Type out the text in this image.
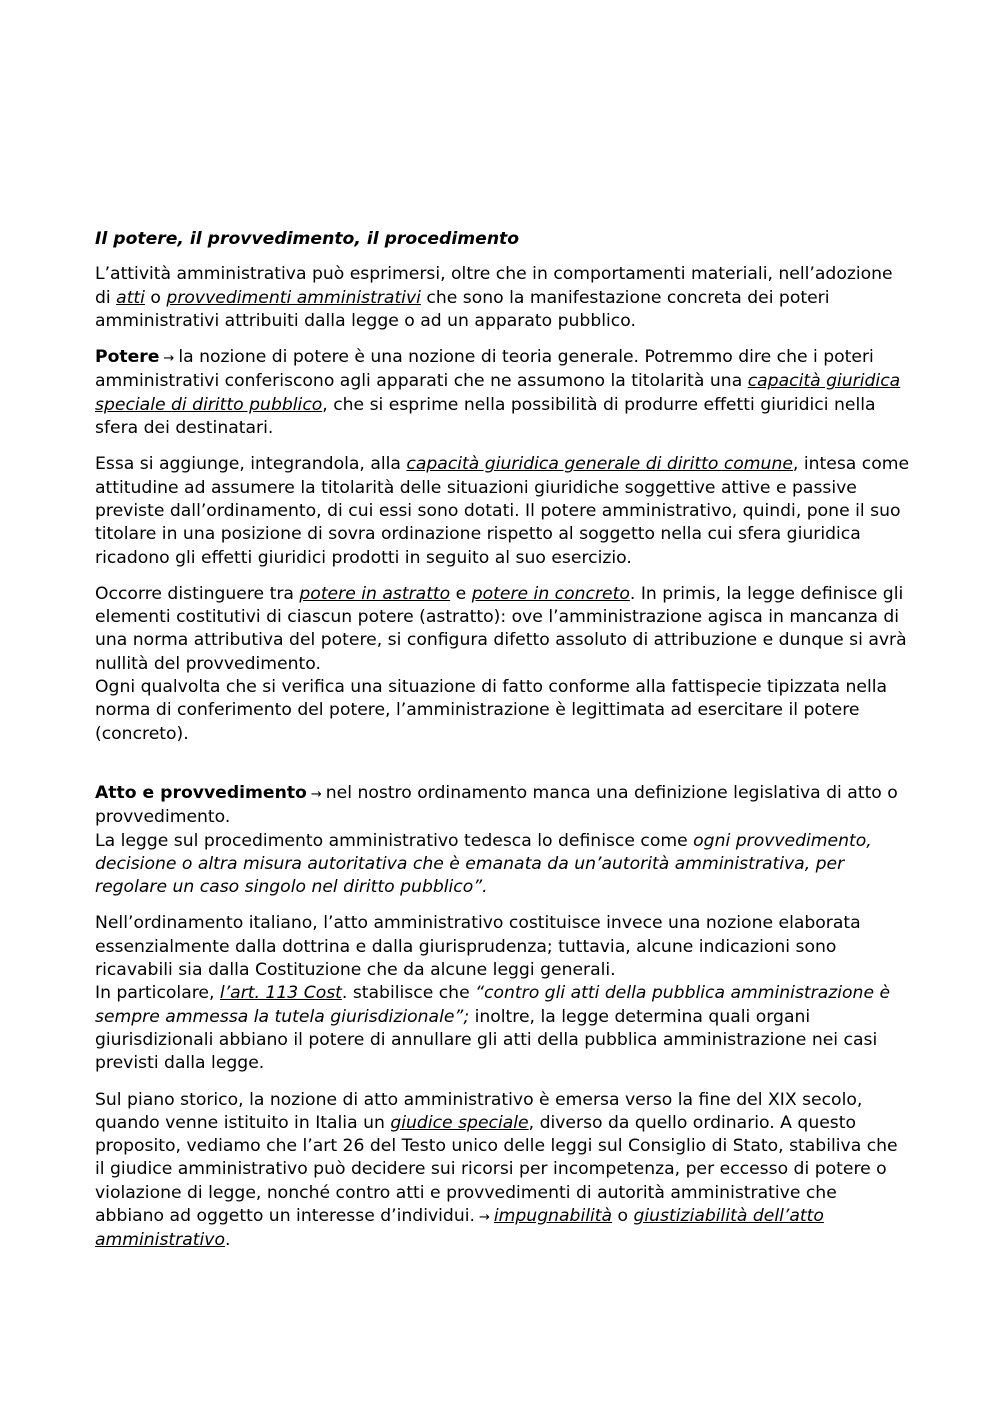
Il potere, il provvedimento, il procedimento

L’attività amministrativa può esprimersi, oltre che in comportamenti materiali, nell’adozione di atti o provvedimenti amministrativi che sono la manifestazione concreta dei poteri amministrativi attribuiti dalla legge o ad un apparato pubblico.

Potere → la nozione di potere è una nozione di teoria generale. Potremmo dire che i poteri amministrativi conferiscono agli apparati che ne assumono la titolarità una capacità giuridica speciale di diritto pubblico, che si esprime nella possibilità di produrre effetti giuridici nella sfera dei destinatari.

Essa si aggiunge, integrandola, alla capacità giuridica generale di diritto comune, intesa come attitudine ad assumere la titolarità delle situazioni giuridiche soggettive attive e passive previste dall’ordinamento, di cui essi sono dotati. Il potere amministrativo, quindi, pone il suo titolare in una posizione di sovra ordinazione rispetto al soggetto nella cui sfera giuridica ricadono gli effetti giuridici prodotti in seguito al suo esercizio.

Occorre distinguere tra potere in astratto e potere in concreto. In primis, la legge definisce gli elementi costitutivi di ciascun potere (astratto): ove l’amministrazione agisca in mancanza di una norma attributiva del potere, si configura difetto assoluto di attribuzione e dunque si avrà nullità del provvedimento.

Ogni qualvolta che si verifica una situazione di fatto conforme alla fattispecie tipizzata nella norma di conferimento del potere, l’amministrazione è legittimata ad esercitare il potere (concreto).

Atto e provvedimento → nel nostro ordinamento manca una definizione legislativa di atto o provvedimento.

La legge sul procedimento amministrativo tedesca lo definisce come ogni provvedimento, decisione o altra misura autoritativa che è emanata da un’autorità amministrativa, per regolare un caso singolo nel diritto pubblico”.

Nell’ordinamento italiano, l’atto amministrativo costituisce invece una nozione elaborata essenzialmente dalla dottrina e dalla giurisprudenza; tuttavia, alcune indicazioni sono ricavabili sia dalla Costituzione che da alcune leggi generali.

In particolare, l’art. 113 Cost. stabilisce che “contro gli atti della pubblica amministrazione è sempre ammessa la tutela giurisdizionale”; inoltre, la legge determina quali organi giurisdizionali abbiano il potere di annullare gli atti della pubblica amministrazione nei casi previsti dalla legge.

Sul piano storico, la nozione di atto amministrativo è emersa verso la fine del XIX secolo, quando venne istituito in Italia un giudice speciale, diverso da quello ordinario. A questo proposito, vediamo che l’art 26 del Testo unico delle leggi sul Consiglio di Stato, stabiliva che il giudice amministrativo può decidere sui ricorsi per incompetenza, per eccesso di potere o violazione di legge, nonché contro atti e provvedimenti di autorità amministrative che abbiano ad oggetto un interesse d’individui. → impugnabilità o giustiziabilità dell’atto amministrativo.
